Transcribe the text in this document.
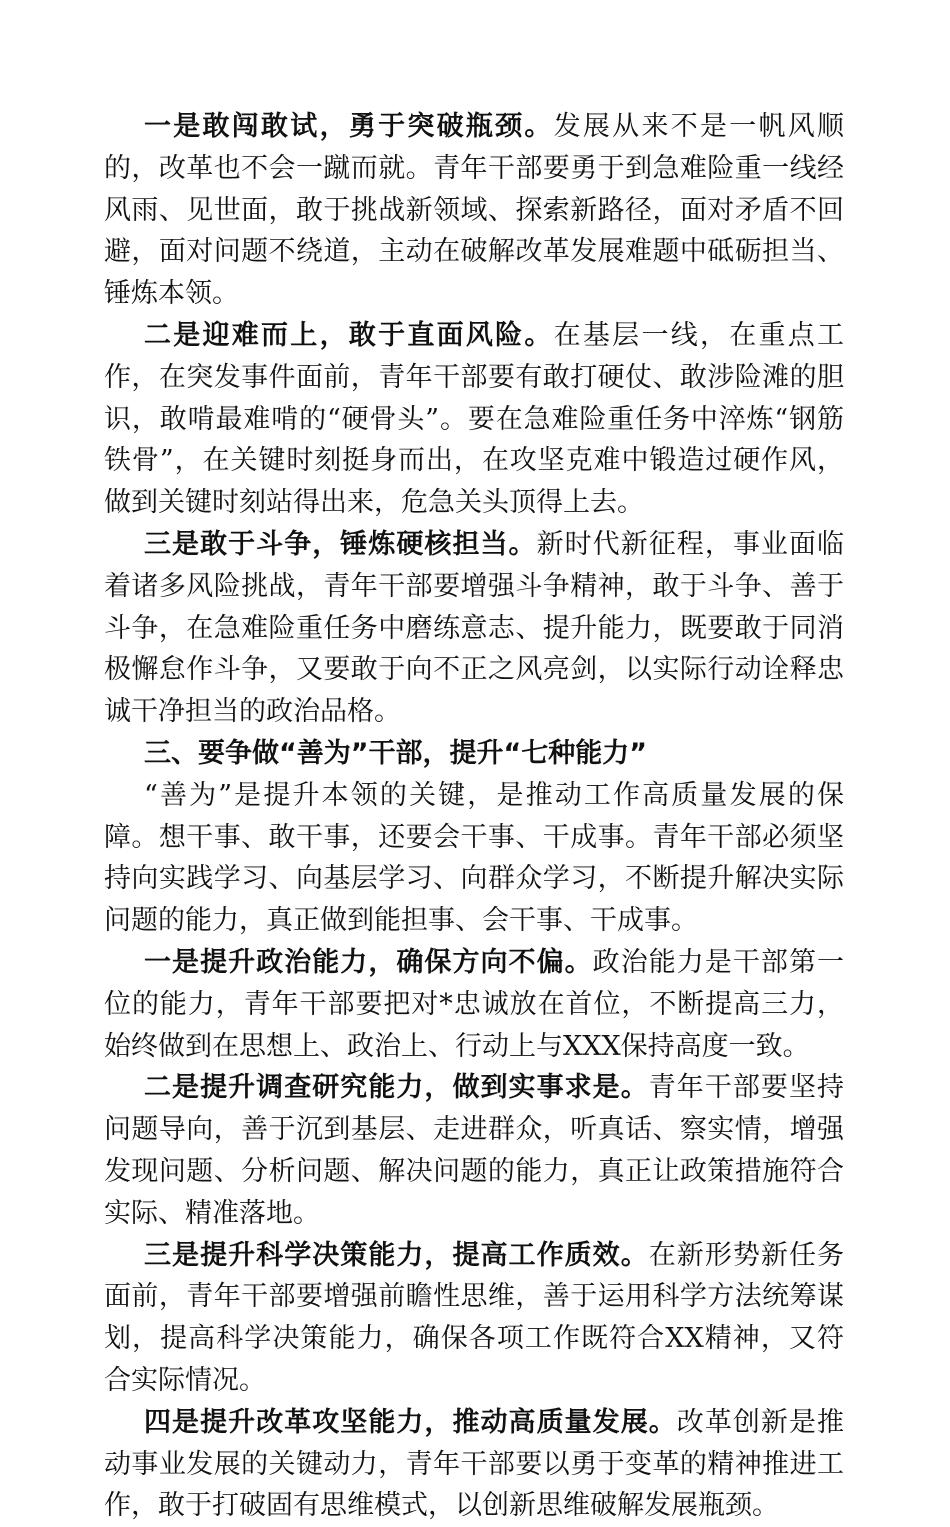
一是敢闯敢试，勇于突破瓶颈。发展从来不是一帆风顺的，改革也不会一蹴而就。青年干部要勇于到急难险重一线经风雨、见世面，敢于挑战新领域、探索新路径，面对矛盾不回避，面对问题不绕道，主动在破解改革发展难题中砥砺担当、锤炼本领。

二是迎难而上，敢于直面风险。在基层一线，在重点工作，在突发事件面前，青年干部要有敢打硬仗、敢涉险滩的胆识，敢啃最难啃的“硬骨头”。要在急难险重任务中淬炼“钢筋铁骨”，在关键时刻挺身而出，在攻坚克难中锻造过硬作风，做到关键时刻站得出来，危急关头顶得上去。

三是敢于斗争，锤炼硬核担当。新时代新征程，事业面临着诸多风险挑战，青年干部要增强斗争精神，敢于斗争、善于斗争，在急难险重任务中磨练意志、提升能力，既要敢于同消极懈怠作斗争，又要敢于向不正之风亮剑，以实际行动诠释忠诚干净担当的政治品格。

三、要争做“善为”干部，提升“七种能力”

“善为”是提升本领的关键，是推动工作高质量发展的保障。想干事、敢干事，还要会干事、干成事。青年干部必须坚持向实践学习、向基层学习、向群众学习，不断提升解决实际问题的能力，真正做到能担事、会干事、干成事。

一是提升政治能力，确保方向不偏。政治能力是干部第一位的能力，青年干部要把对*忠诚放在首位，不断提高三力，始终做到在思想上、政治上、行动上与XXX保持高度一致。

二是提升调查研究能力，做到实事求是。青年干部要坚持问题导向，善于沉到基层、走进群众，听真话、察实情，增强发现问题、分析问题、解决问题的能力，真正让政策措施符合实际、精准落地。

三是提升科学决策能力，提高工作质效。在新形势新任务面前，青年干部要增强前瞻性思维，善于运用科学方法统筹谋划，提高科学决策能力，确保各项工作既符合XX精神，又符合实际情况。

四是提升改革攻坚能力，推动高质量发展。改革创新是推动事业发展的关键动力，青年干部要以勇于变革的精神推进工作，敢于打破固有思维模式，以创新思维破解发展瓶颈。
